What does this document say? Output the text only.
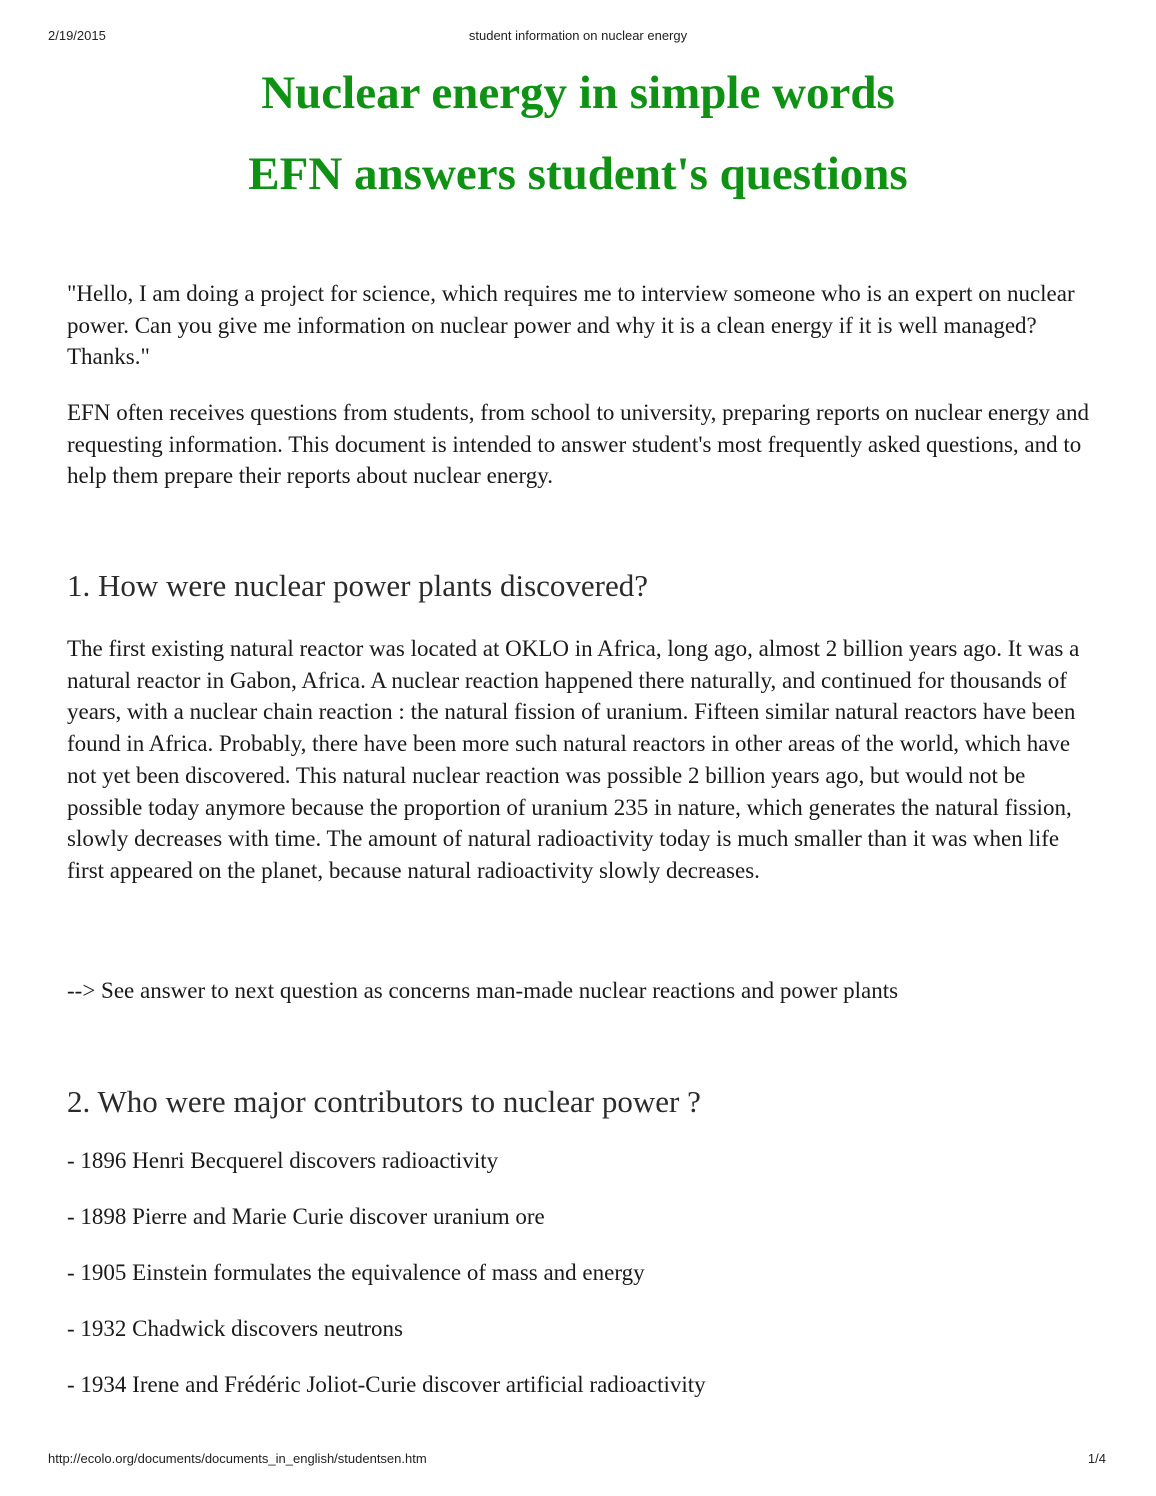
2/19/2015	student information on nuclear energy
Nuclear energy in simple words
EFN answers student's questions

"Hello, I am doing a project for science, which requires me to interview someone who is an expert on nuclear power. Can you give me information on nuclear power and why it is a clean energy if it is well managed? Thanks."

EFN often receives questions from students, from school to university, preparing reports on nuclear energy and requesting information. This document is intended to answer student's most frequently asked questions, and to help them prepare their reports about nuclear energy.

1. How were nuclear power plants discovered?

The first existing natural reactor was located at OKLO in Africa, long ago, almost 2 billion years ago. It was a natural reactor in Gabon, Africa. A nuclear reaction happened there naturally, and continued for thousands of years, with a nuclear chain reaction : the natural fission of uranium. Fifteen similar natural reactors have been found in Africa. Probably, there have been more such natural reactors in other areas of the world, which have not yet been discovered. This natural nuclear reaction was possible 2 billion years ago, but would not be possible today anymore because the proportion of uranium 235 in nature, which generates the natural fission, slowly decreases with time. The amount of natural radioactivity today is much smaller than it was when life first appeared on the planet, because natural radioactivity slowly decreases.

--> See answer to next question as concerns man-made nuclear reactions and power plants

2. Who were major contributors to nuclear power ?
- 1896 Henri Becquerel discovers radioactivity
- 1898 Pierre and Marie Curie discover uranium ore
- 1905 Einstein formulates the equivalence of mass and energy
- 1932 Chadwick discovers neutrons
- 1934 Irene and Frédéric Joliot-Curie discover artificial radioactivity
http://ecolo.org/documents/documents_in_english/studentsen.htm	1/4
